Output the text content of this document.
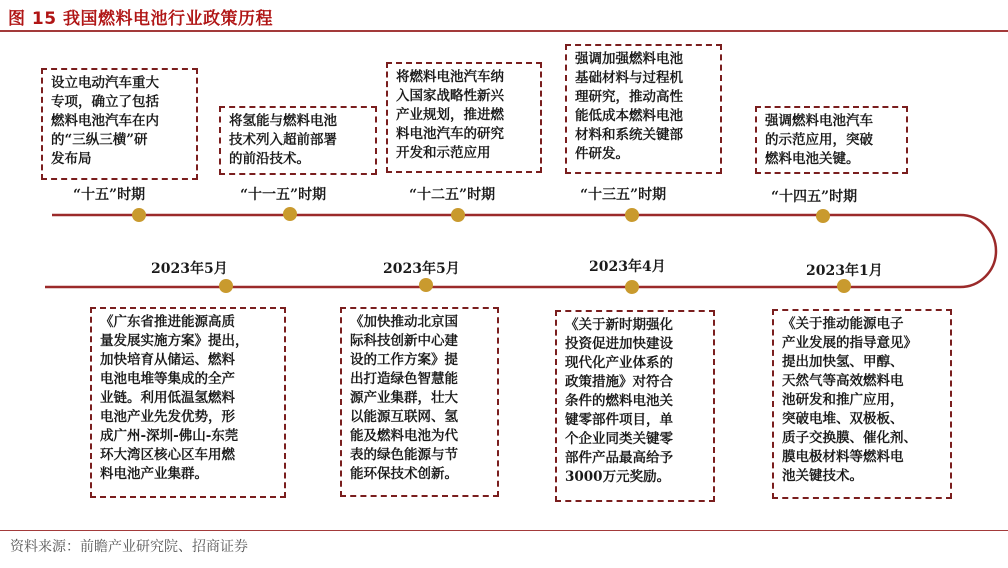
图 15 我国燃料电池行业政策历程
设立电动汽车重大
专项，确立了包括
燃料电池汽车在内
的“三纵三横”研
发布局
将氢能与燃料电池
技术列入超前部署
的前沿技术。
将燃料电池汽车纳
入国家战略性新兴
产业规划，推进燃
料电池汽车的研究
开发和示范应用
强调加强燃料电池
基础材料与过程机
理研究，推动高性
能低成本燃料电池
材料和系统关键部
件研发。
强调燃料电池汽车
的示范应用，突破
燃料电池关键。
“十五”时期	“十一五”时期	“十二五”时期	“十三五”时期	“十四五”时期
2023年5月	2023年5月	2023年4月	2023年1月
《广东省推进能源高质
量发展实施方案》提出，
加快培育从储运、燃料
电池电堆等集成的全产
业链。利用低温氢燃料
电池产业先发优势，形
成广州-深圳-佛山-东莞
环大湾区核心区车用燃
料电池产业集群。
《加快推动北京国
际科技创新中心建
设的工作方案》提
出打造绿色智慧能
源产业集群，壮大
以能源互联网、氢
能及燃料电池为代
表的绿色能源与节
能环保技术创新。
《关于新时期强化
投资促进加快建设
现代化产业体系的
政策措施》对符合
条件的燃料电池关
键零部件项目，单
个企业同类关键零
部件产品最高给予
3000万元奖励。
《关于推动能源电子
产业发展的指导意见》
提出加快氢、甲醇、
天然气等高效燃料电
池研发和推广应用，
突破电堆、双极板、
质子交换膜、催化剂、
膜电极材料等燃料电
池关键技术。
资料来源：前瞻产业研究院、招商证券
